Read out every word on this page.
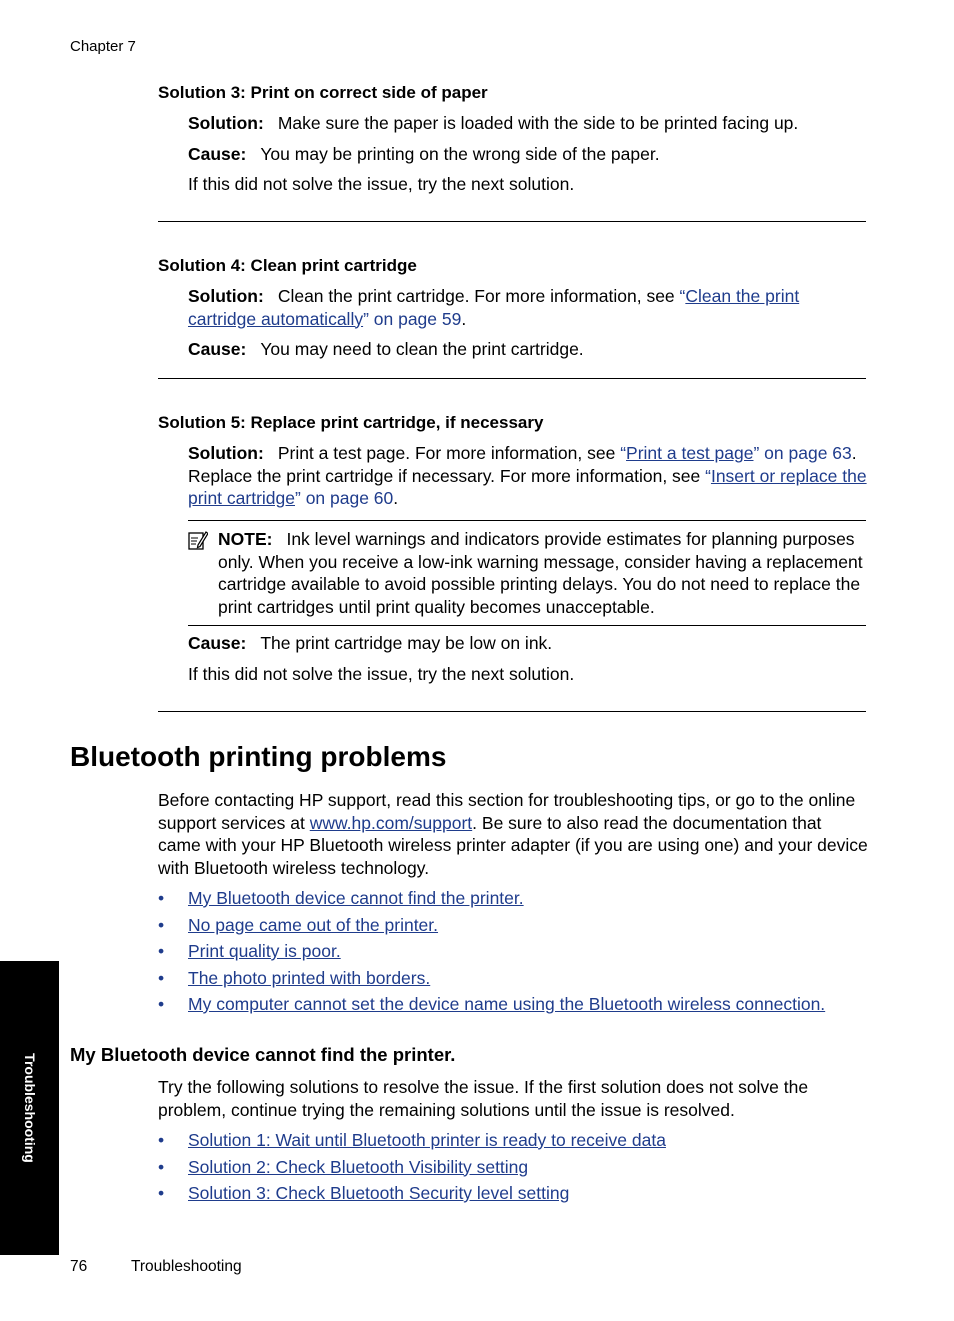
Chapter 7
Solution 3: Print on correct side of paper
Solution: Make sure the paper is loaded with the side to be printed facing up.
Cause: You may be printing on the wrong side of the paper.
If this did not solve the issue, try the next solution.
Solution 4: Clean print cartridge
Solution: Clean the print cartridge. For more information, see “Clean the print cartridge automatically” on page 59.
Cause: You may need to clean the print cartridge.
Solution 5: Replace print cartridge, if necessary
Solution: Print a test page. For more information, see “Print a test page” on page 63. Replace the print cartridge if necessary. For more information, see “Insert or replace the print cartridge” on page 60.
NOTE: Ink level warnings and indicators provide estimates for planning purposes only. When you receive a low-ink warning message, consider having a replacement cartridge available to avoid possible printing delays. You do not need to replace the print cartridges until print quality becomes unacceptable.
Cause: The print cartridge may be low on ink.
If this did not solve the issue, try the next solution.
Bluetooth printing problems
Before contacting HP support, read this section for troubleshooting tips, or go to the online support services at www.hp.com/support. Be sure to also read the documentation that came with your HP Bluetooth wireless printer adapter (if you are using one) and your device with Bluetooth wireless technology.
• My Bluetooth device cannot find the printer.
• No page came out of the printer.
• Print quality is poor.
• The photo printed with borders.
• My computer cannot set the device name using the Bluetooth wireless connection.
My Bluetooth device cannot find the printer.
Try the following solutions to resolve the issue. If the first solution does not solve the problem, continue trying the remaining solutions until the issue is resolved.
• Solution 1: Wait until Bluetooth printer is ready to receive data
• Solution 2: Check Bluetooth Visibility setting
• Solution 3: Check Bluetooth Security level setting
Troubleshooting
76	Troubleshooting
